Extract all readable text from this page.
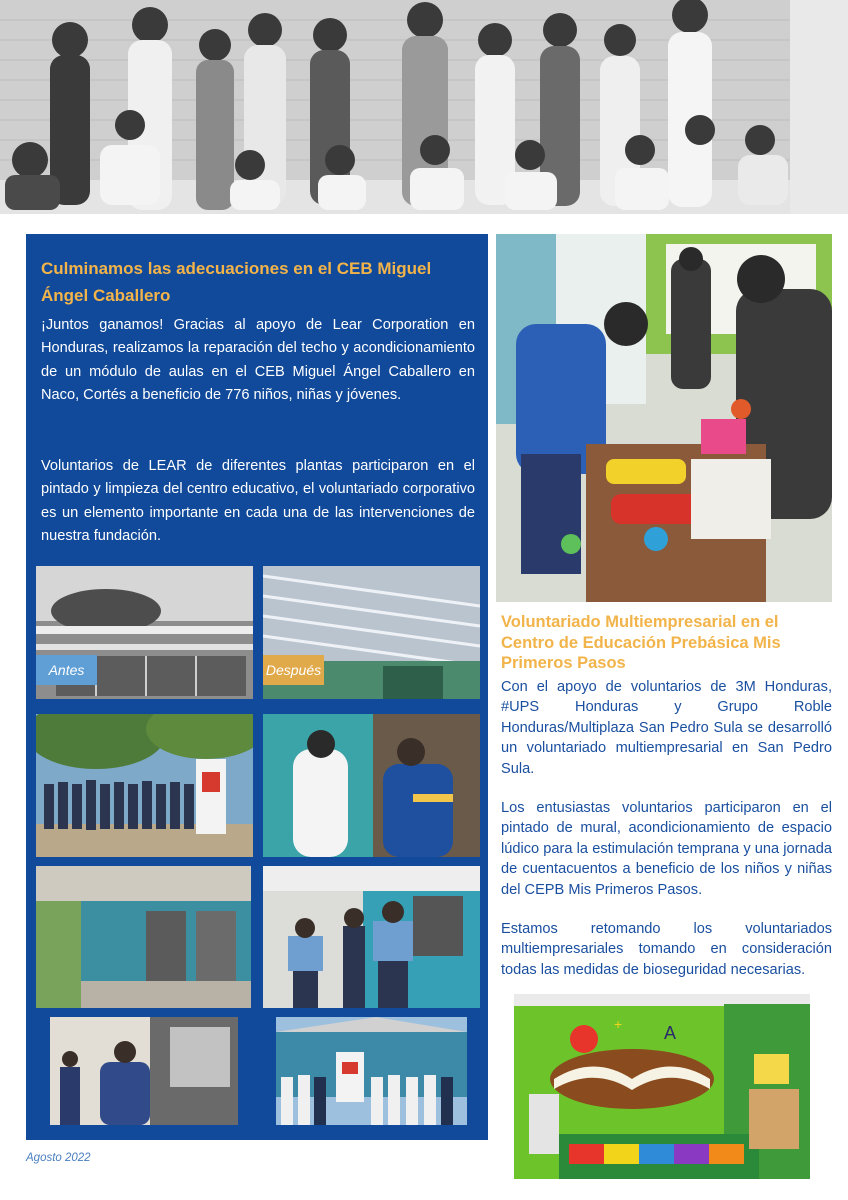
Culminamos las adecuaciones en el CEB Miguel Ángel Caballero
¡Juntos ganamos! Gracias al apoyo de Lear Corporation en Honduras, realizamos la reparación del techo y acondicionamiento de un módulo de aulas en el CEB Miguel Ángel Caballero en Naco, Cortés a beneficio de 776 niños, niñas y jóvenes.
Voluntarios de LEAR de diferentes plantas participaron en el pintado y limpieza del centro educativo, el voluntariado corporativo es un elemento importante en cada una de las intervenciones de nuestra fundación.
Antes	Después
Voluntariado Multiempresarial en el Centro de Educación Prebásica Mis Primeros Pasos
Con el apoyo de voluntarios de 3M Honduras, #UPS Honduras y Grupo Roble Honduras/Multiplaza San Pedro Sula se desarrolló un voluntariado multiempresarial en San Pedro Sula.
Los entusiastas voluntarios participaron en el pintado de mural, acondicionamiento de espacio lúdico para la estimulación temprana y una jornada de cuentacuentos a beneficio de los niños y niñas del CEPB Mis Primeros Pasos.
Estamos retomando los voluntariados multiempresariales tomando en consideración todas las medidas de bioseguridad necesarias.
A
+
Agosto 2022
